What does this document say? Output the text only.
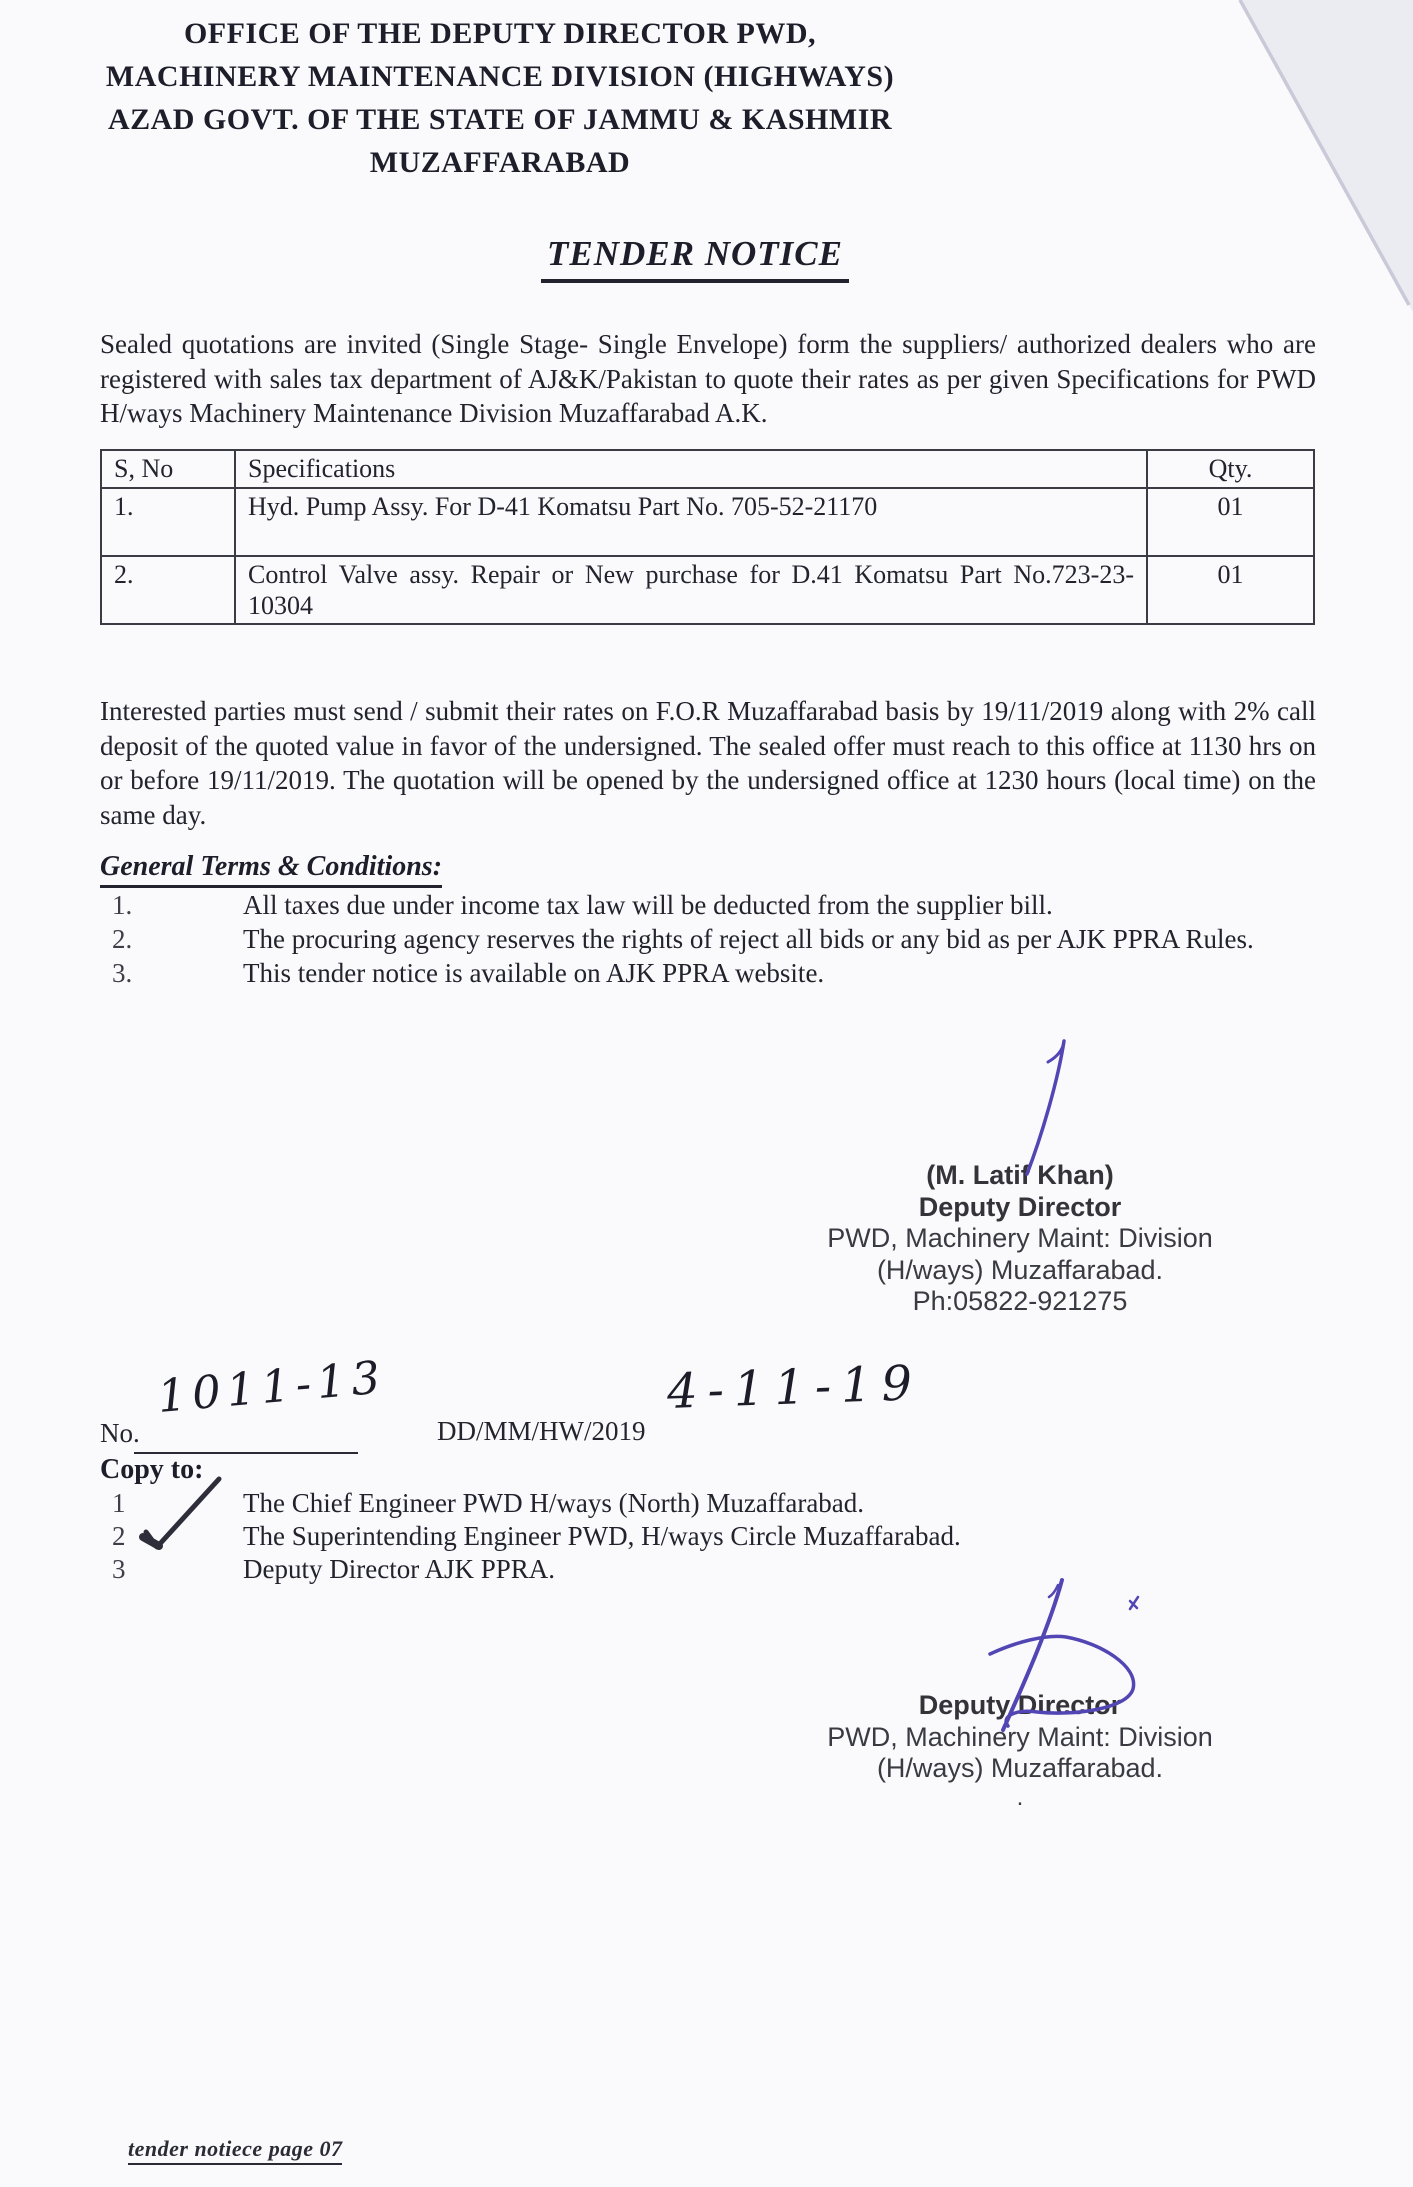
OFFICE OF THE DEPUTY DIRECTOR PWD,
MACHINERY MAINTENANCE DIVISION (HIGHWAYS)
AZAD GOVT. OF THE STATE OF JAMMU & KASHMIR
MUZAFFARABAD
TENDER NOTICE
Sealed quotations are invited (Single Stage- Single Envelope) form the suppliers/ authorized dealers who are registered with sales tax department of AJ&K/Pakistan to quote their rates as per given Specifications for PWD H/ways Machinery Maintenance Division Muzaffarabad A.K.
S, No	Specifications	Qty.
1.	Hyd. Pump Assy. For D-41 Komatsu Part No. 705-52-21170	01
2.	Control Valve assy. Repair or New purchase for D.41 Komatsu Part No.723-23-10304	01
Interested parties must send / submit their rates on F.O.R Muzaffarabad basis by 19/11/2019 along with 2% call deposit of the quoted value in favor of the undersigned. The sealed offer must reach to this office at 1130 hrs on or before 19/11/2019. The quotation will be opened by the undersigned office at 1230 hours (local time) on the same day.
General Terms & Conditions:
1.	All taxes due under income tax law will be deducted from the supplier bill.
2.	The procuring agency reserves the rights of reject all bids or any bid as per AJK PPRA Rules.
3.	This tender notice is available on AJK PPRA website.
(M. Latif Khan)
Deputy Director
PWD, Machinery Maint: Division
(H/ways) Muzaffarabad.
Ph:05822-921275
No.
1011-13
DD/MM/HW/2019
4-11-19
Copy to:
1	The Chief Engineer PWD H/ways (North) Muzaffarabad.
2	The Superintending Engineer PWD, H/ways Circle Muzaffarabad.
3	Deputy Director AJK PPRA.
Deputy Director
PWD, Machinery Maint: Division
(H/ways) Muzaffarabad.
.
tender notiece page 07
